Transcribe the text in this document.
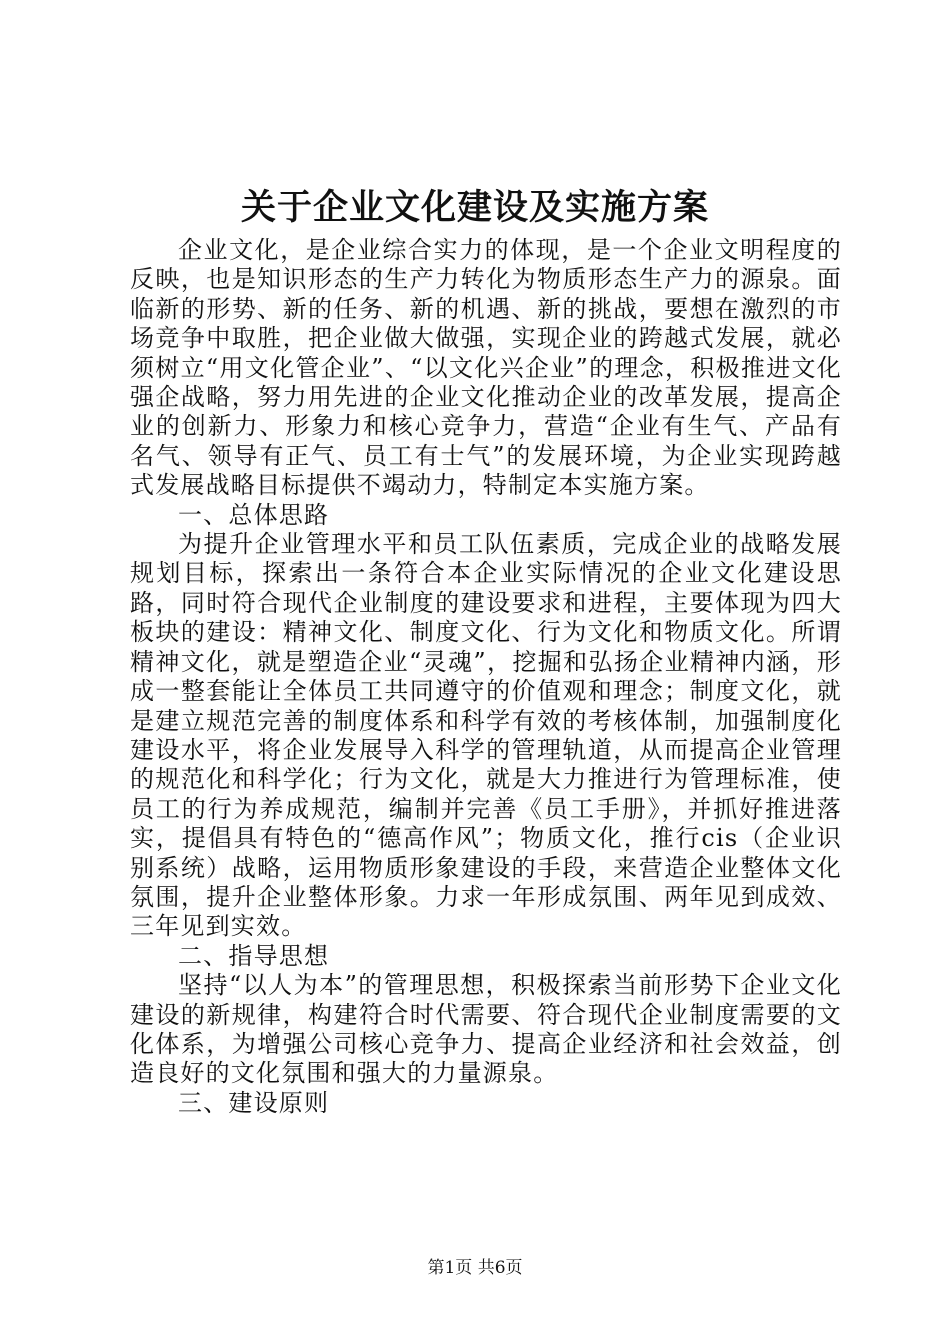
关于企业文化建设及实施方案

企业文化，是企业综合实力的体现，是一个企业文明程度的反映，也是知识形态的生产力转化为物质形态生产力的源泉。面临新的形势、新的任务、新的机遇、新的挑战，要想在激烈的市场竞争中取胜，把企业做大做强，实现企业的跨越式发展，就必须树立“用文化管企业”、“以文化兴企业”的理念，积极推进文化强企战略，努力用先进的企业文化推动企业的改革发展，提高企业的创新力、形象力和核心竞争力，营造“企业有生气、产品有名气、领导有正气、员工有士气”的发展环境，为企业实现跨越式发展战略目标提供不竭动力，特制定本实施方案。

一、总体思路

为提升企业管理水平和员工队伍素质，完成企业的战略发展规划目标，探索出一条符合本企业实际情况的企业文化建设思路，同时符合现代企业制度的建设要求和进程，主要体现为四大板块的建设：精神文化、制度文化、行为文化和物质文化。所谓精神文化，就是塑造企业“灵魂”，挖掘和弘扬企业精神内涵，形成一整套能让全体员工共同遵守的价值观和理念；制度文化，就是建立规范完善的制度体系和科学有效的考核体制，加强制度化建设水平，将企业发展导入科学的管理轨道，从而提高企业管理的规范化和科学化；行为文化，就是大力推进行为管理标准，使员工的行为养成规范，编制并完善《员工手册》，并抓好推进落实，提倡具有特色的“德高作风”；物质文化，推行cis（企业识别系统）战略，运用物质形象建设的手段，来营造企业整体文化氛围，提升企业整体形象。力求一年形成氛围、两年见到成效、三年见到实效。

二、指导思想

坚持“以人为本”的管理思想，积极探索当前形势下企业文化建设的新规律，构建符合时代需要、符合现代企业制度需要的文化体系，为增强公司核心竞争力、提高企业经济和社会效益，创造良好的文化氛围和强大的力量源泉。

三、建设原则
第1页 共6页
